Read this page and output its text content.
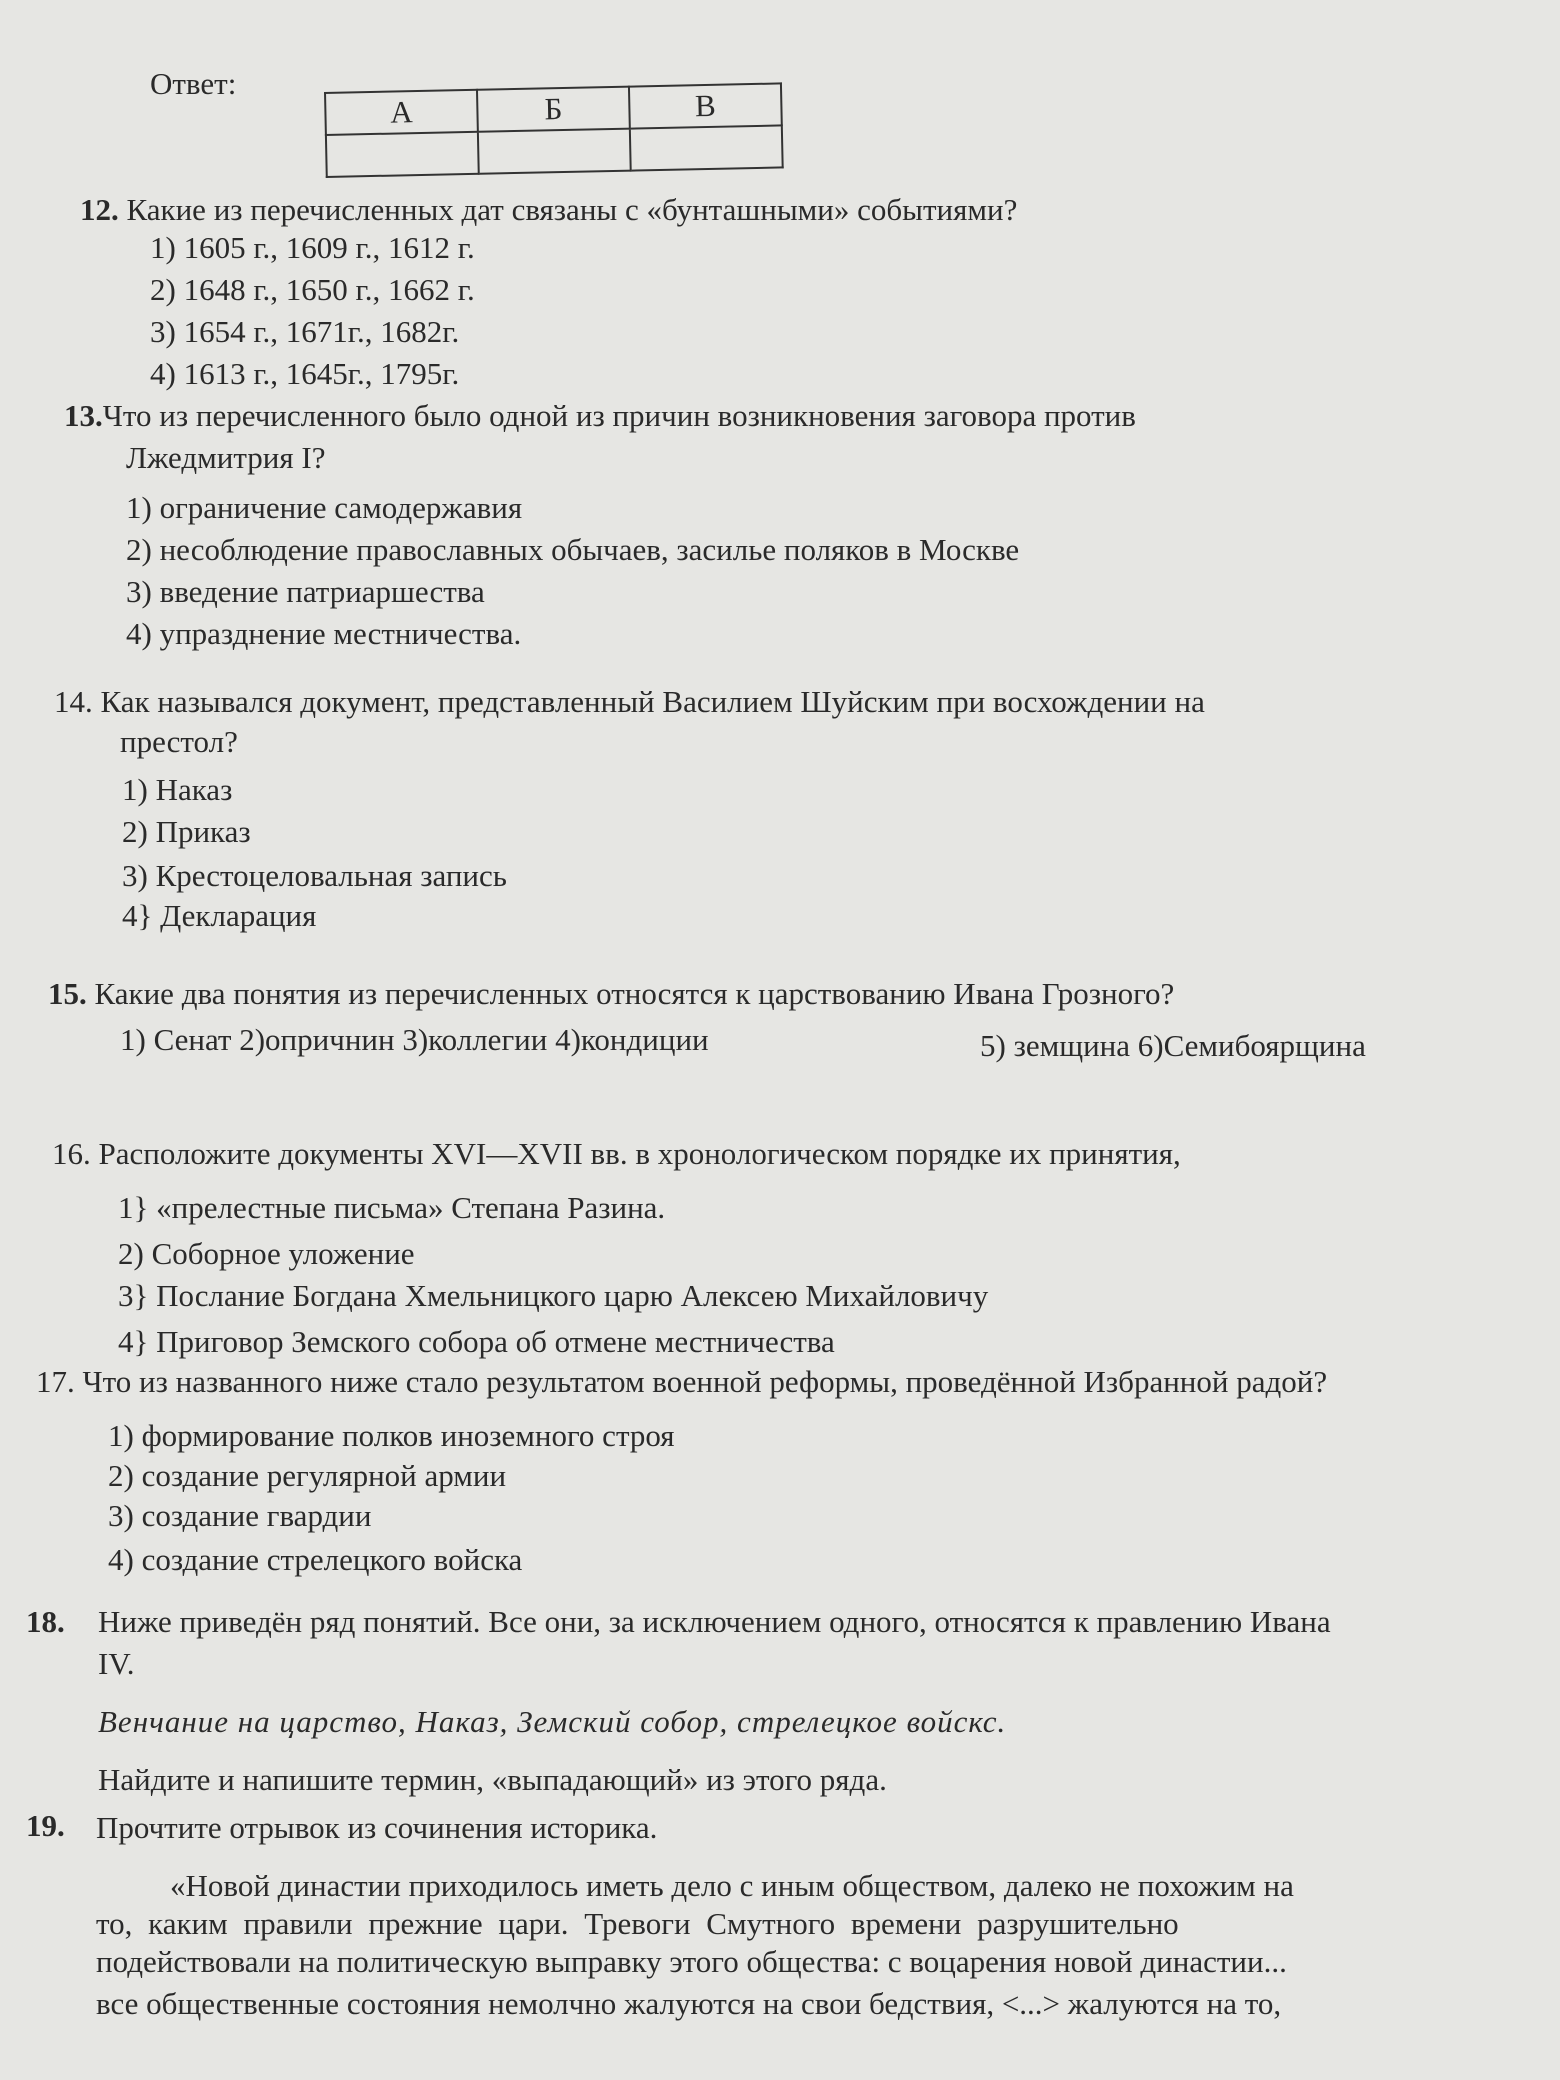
Ответ:
А	Б	В

12. Какие из перечисленных дат связаны с «бунташными» событиями?
1) 1605 г., 1609 г., 1612 г.
2) 1648 г., 1650 г., 1662 г.
3) 1654 г., 1671г., 1682г.
4) 1613 г., 1645г., 1795г.
13.Что из перечисленного было одной из причин возникновения заговора против
Лжедмитрия I?
1) ограничение самодержавия
2) несоблюдение православных обычаев, засилье поляков в Москве
3) введение патриаршества
4) упразднение местничества.
14. Как назывался документ, представленный Василием Шуйским при восхождении на
престол?
1) Наказ
2) Приказ
3) Крестоцеловальная запись
4} Декларация
15. Какие два понятия из перечисленных относятся к царствованию Ивана Грозного?
1) Сенат 2)опричнин 3)коллегии 4)кондиции	5) земщина 6)Семибоярщина
16. Расположите документы XVI—XVII вв. в хронологическом порядке их принятия,
1} «прелестные письма» Степана Разина.
2) Соборное уложение
3} Послание Богдана Хмельницкого царю Алексею Михайловичу
4} Приговор Земского собора об отмене местничества
17. Что из названного ниже стало результатом военной реформы, проведённой Избранной радой?
1) формирование полков иноземного строя
2) создание регулярной армии
3) создание гвардии
4) создание стрелецкого войска
18. Ниже приведён ряд понятий. Все они, за исключением одного, относятся к правлению Ивана
IV.
Венчание на царство, Наказ, Земский собор, стрелецкое войскс.
Найдите и напишите термин, «выпадающий» из этого ряда.
19. Прочтите отрывок из сочинения историка.
«Новой династии приходилось иметь дело с иным обществом, далеко не похожим на
то, каким правили прежние цари. Тревоги Смутного времени разрушительно
подействовали на политическую выправку этого общества: с воцарения новой династии...
все общественные состояния немолчно жалуются на свои бедствия, <...> жалуются на то,
